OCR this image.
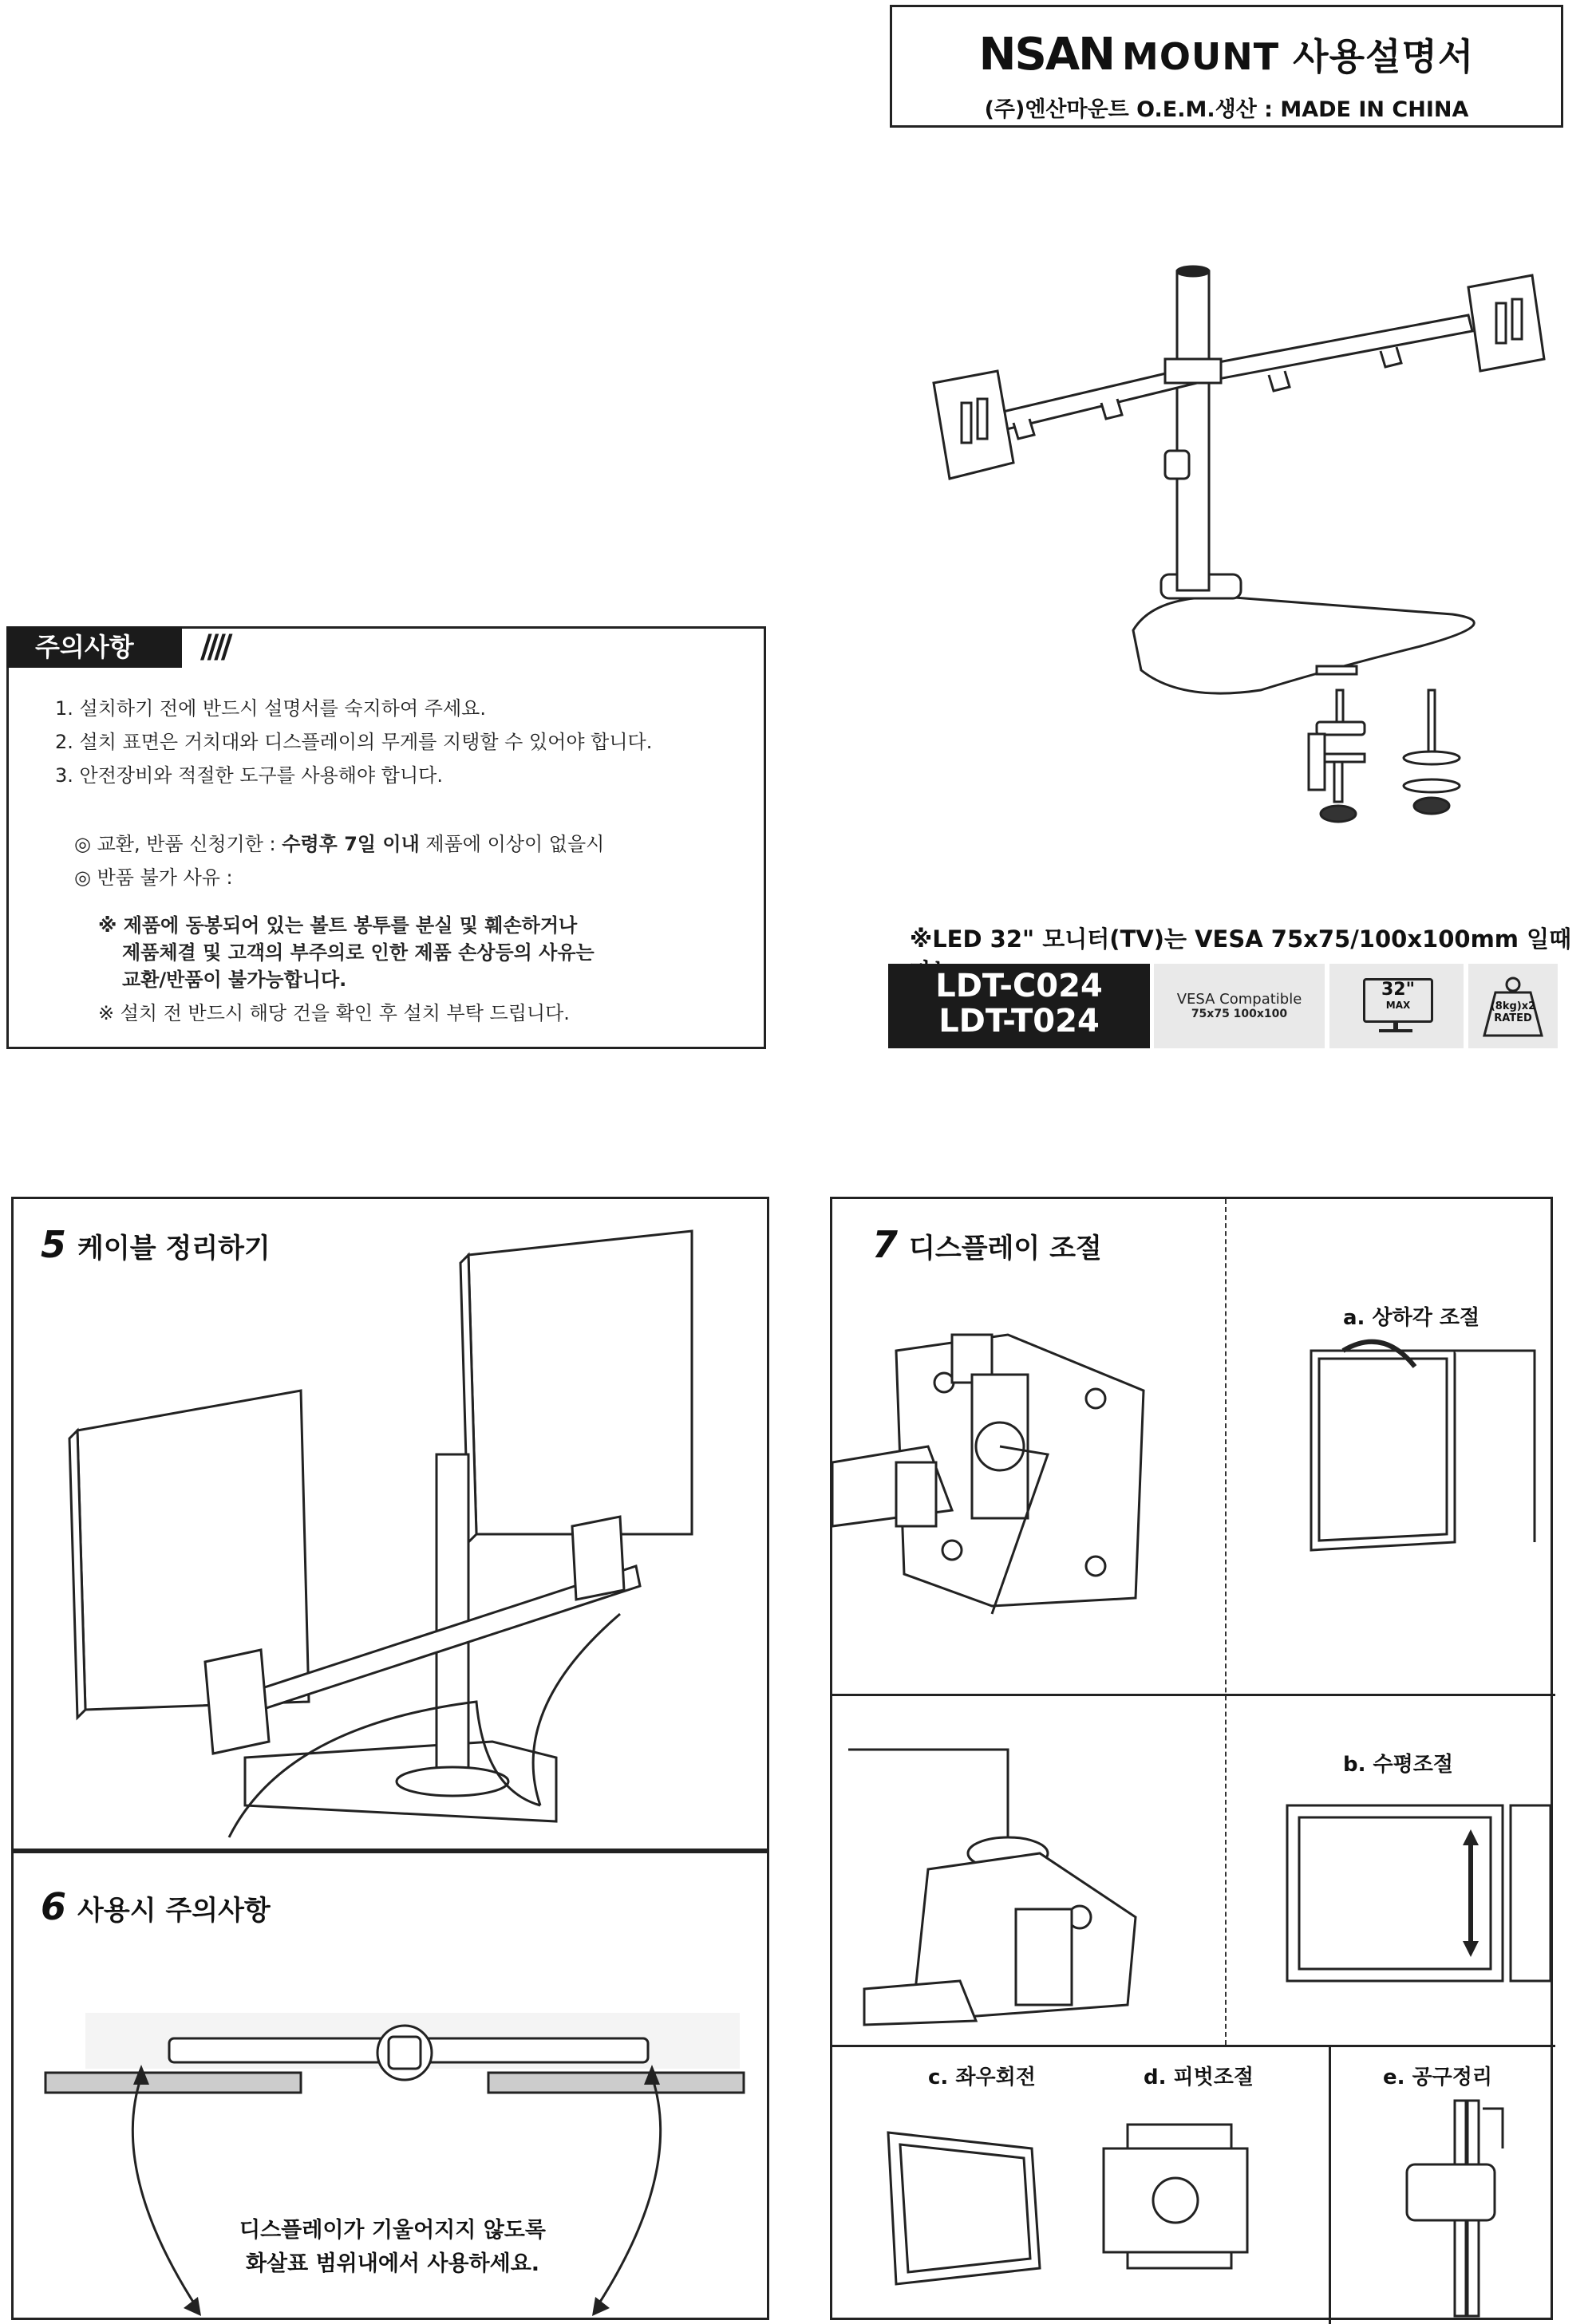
NSAN MOUNT 사용설명서
(주)엔산마운트 O.E.M.생산 : MADE IN CHINA
주의사항	////
1. 설치하기 전에 반드시 설명서를 숙지하여 주세요.
2. 설치 표면은 거치대와 디스플레이의 무게를 지탱할 수 있어야 합니다.
3. 안전장비와 적절한 도구를 사용해야 합니다.
◎ 교환, 반품 신청기한 : 수령후 7일 이내 제품에 이상이 없을시
◎ 반품 불가 사유 :
※ 제품에 동봉되어 있는 볼트 봉투를 분실 및 훼손하거나
제품체결 및 고객의 부주의로 인한 제품 손상등의 사유는
교환/반품이 불가능합니다.
※ 설치 전 반드시 해당 건을 확인 후 설치 부탁 드립니다.
※LED 32" 모니터(TV)는 VESA 75x75/100x100mm 일때
LDT-C024
LDT-T024
VESA Compatible
75x75 100x100
32"
MAX	(8kg)x2
RATED
5 케이블 정리하기
6 사용시 주의사항
디스플레이가 기울어지지 않도록
화살표 범위내에서 사용하세요.
7 디스플레이 조절
a. 상하각 조절
b. 수평조절
c. 좌우회전	d. 피벗조절	e. 공구정리
